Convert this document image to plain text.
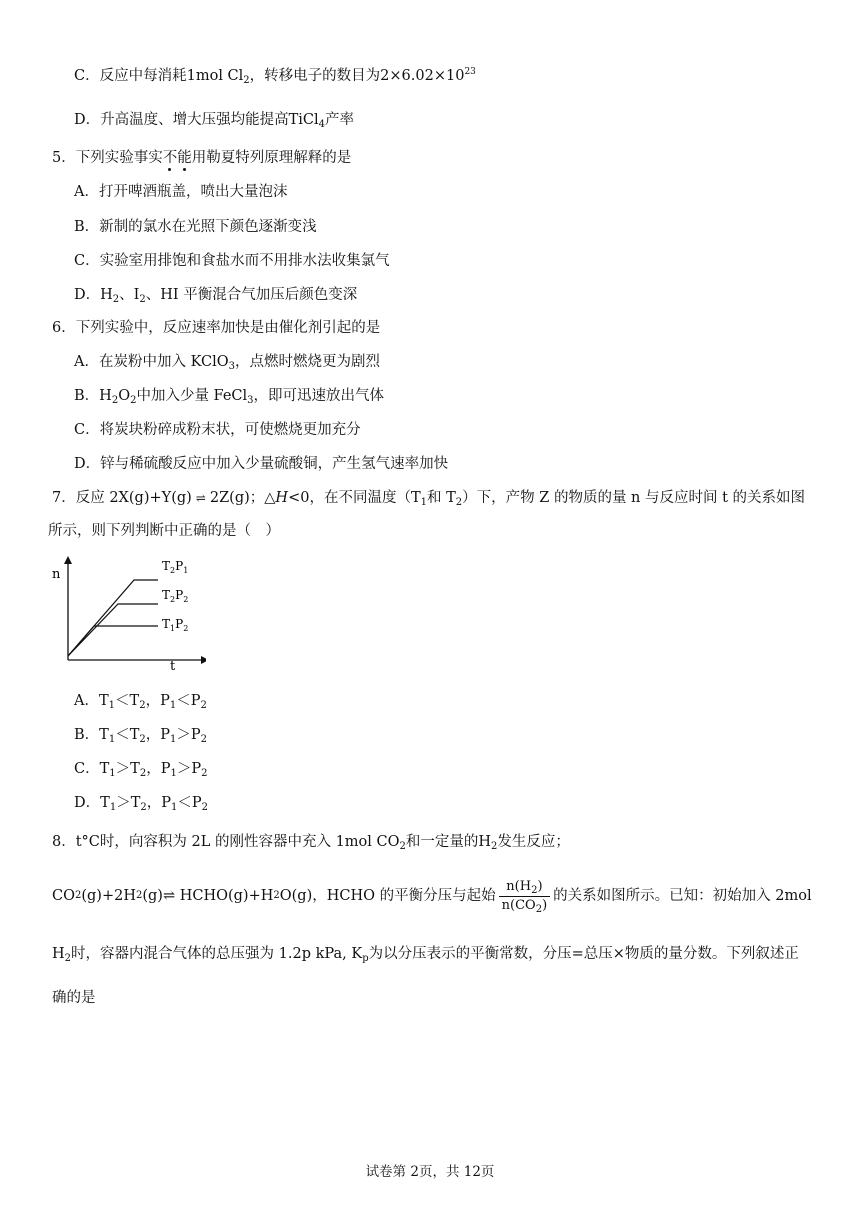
C．反应中每消耗1mol $Cl_2$，转移电子的数目为$2\times 6.02\times 10^{23}$
D．升高温度、增大压强均能提高TiCl$_4$产率
5．下列实验事实不能用勒夏特列原理解释的是
A．打开啤酒瓶盖，喷出大量泡沫
B．新制的氯水在光照下颜色逐渐变浅
C．实验室用排饱和食盐水而不用排水法收集氯气
D．$H_2$、$I_2$、HI 平衡混合气加压后颜色变深
6．下列实验中，反应速率加快是由催化剂引起的是
A．在炭粉中加入 KClO$_3$，点燃时燃烧更为剧烈
B．$H_2O_2$中加入少量 FeCl$_3$，即可迅速放出气体
C．将炭块粉碎成粉末状，可使燃烧更加充分
D．锌与稀硫酸反应中加入少量硫酸铜，产生氢气速率加快
7．反应 2X(g)+Y(g) ⇌ 2Z(g)；△H<0，在不同温度（$T_1$和 $T_2$）下，产物 Z 的物质的量 n 与反应时间 t 的关系如图
所示，则下列判断中正确的是（　）
n
t
$T_2P_1$
$T_2P_2$
$T_1P_2$
A．$T_1<T_2$，$P_1<P_2$
B．$T_1<T_2$，$P_1>P_2$
C．$T_1>T_2$，$P_1>P_2$
D．$T_1>T_2$，$P_1<P_2$
8．t°C时，向容积为 2L 的刚性容器中充入 1mol $CO_2$和一定量的$H_2$发生反应；
CO 2 (g)+2H 2 (g)⇌ HCHO(g)+H 2 O(g)，HCHO 的平衡分压与起始 $\frac{n(H_2)}{n(CO_2)}$ 的关系如图所示。已知：初始加入 2mol
$H_2$时，容器内混合气体的总压强为 1.2p kPa, $K_p$为以分压表示的平衡常数，分压=总压×物质的量分数。下列叙述正
确的是
试卷第 2页，共 12页
